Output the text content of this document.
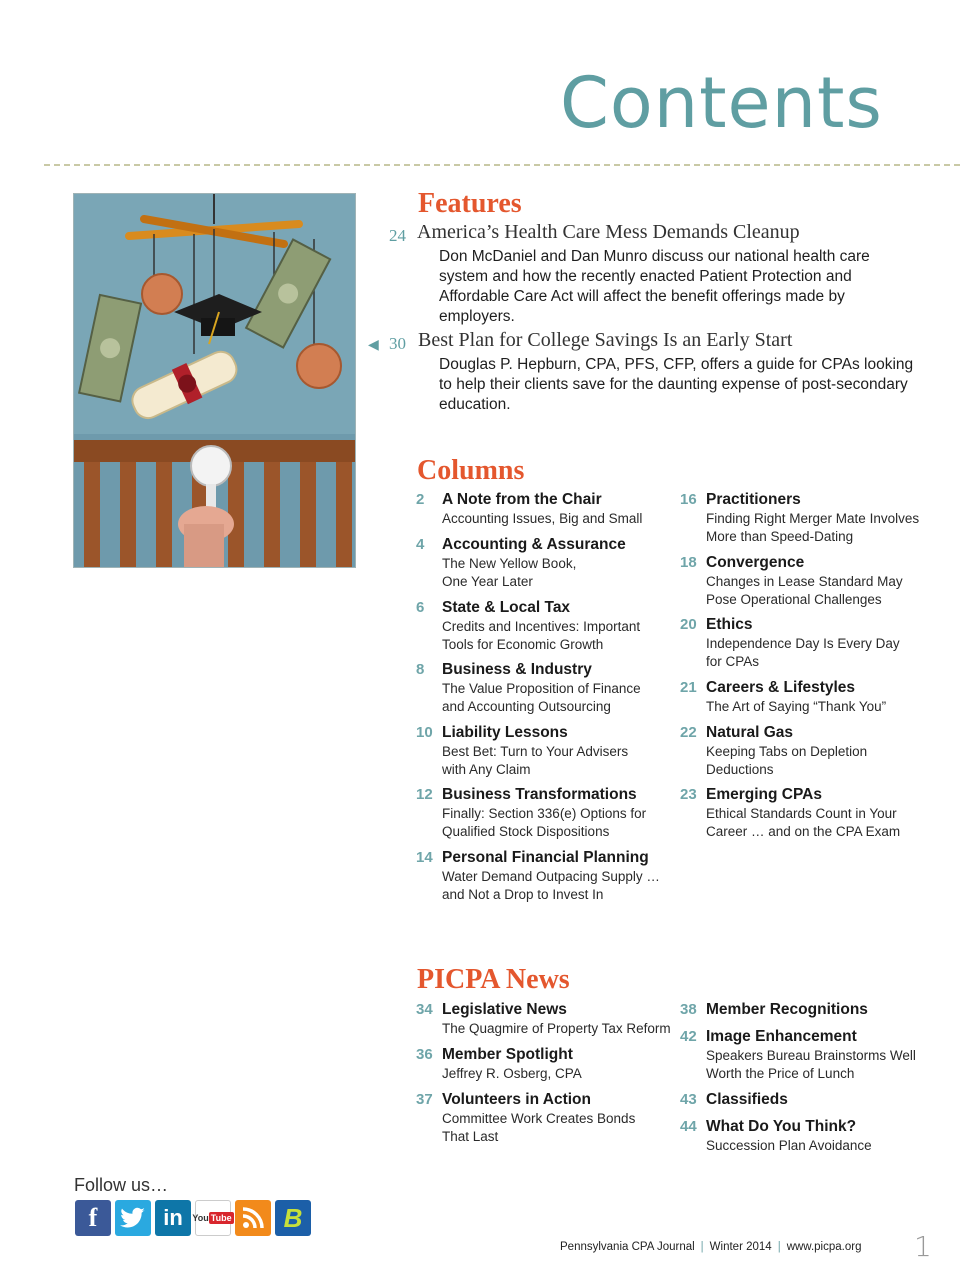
Contents
Features
24 America’s Health Care Mess Demands Cleanup
Don McDaniel and Dan Munro discuss our national health care system and how the recently enacted Patient Protection and Affordable Care Act will affect the benefit offerings made by employers.
◀ 30 Best Plan for College Savings Is an Early Start
Douglas P. Hepburn, CPA, PFS, CFP, offers a guide for CPAs looking to help their clients save for the daunting expense of post-secondary education.
Columns
2	A Note from the Chair
Accounting Issues, Big and Small
4	Accounting & Assurance
The New Yellow Book,
One Year Later
6	State & Local Tax
Credits and Incentives: Important
Tools for Economic Growth
8	Business & Industry
The Value Proposition of Finance
and Accounting Outsourcing
10 Liability Lessons
Best Bet: Turn to Your Advisers
with Any Claim
12 Business Transformations
Finally: Section 336(e) Options for
Qualified Stock Dispositions
14 Personal Financial Planning
Water Demand Outpacing Supply …
and Not a Drop to Invest In
16 Practitioners
Finding Right Merger Mate Involves
More than Speed-Dating
18 Convergence
Changes in Lease Standard May
Pose Operational Challenges
20 Ethics
Independence Day Is Every Day
for CPAs
21 Careers & Lifestyles
The Art of Saying “Thank You”
22 Natural Gas
Keeping Tabs on Depletion
Deductions
23 Emerging CPAs
Ethical Standards Count in Your
Career … and on the CPA Exam
PICPA News
34 Legislative News
The Quagmire of Property Tax Reform
36 Member Spotlight
Jeffrey R. Osberg, CPA
37 Volunteers in Action
Committee Work Creates Bonds
That Last
38 Member Recognitions
42 Image Enhancement
Speakers Bureau Brainstorms Well
Worth the Price of Lunch
43 Classifieds
44 What Do You Think?
Succession Plan Avoidance
Follow us…
f	in	You Tube	B
Pennsylvania CPA Journal | Winter 2014 | www.picpa.org 1
